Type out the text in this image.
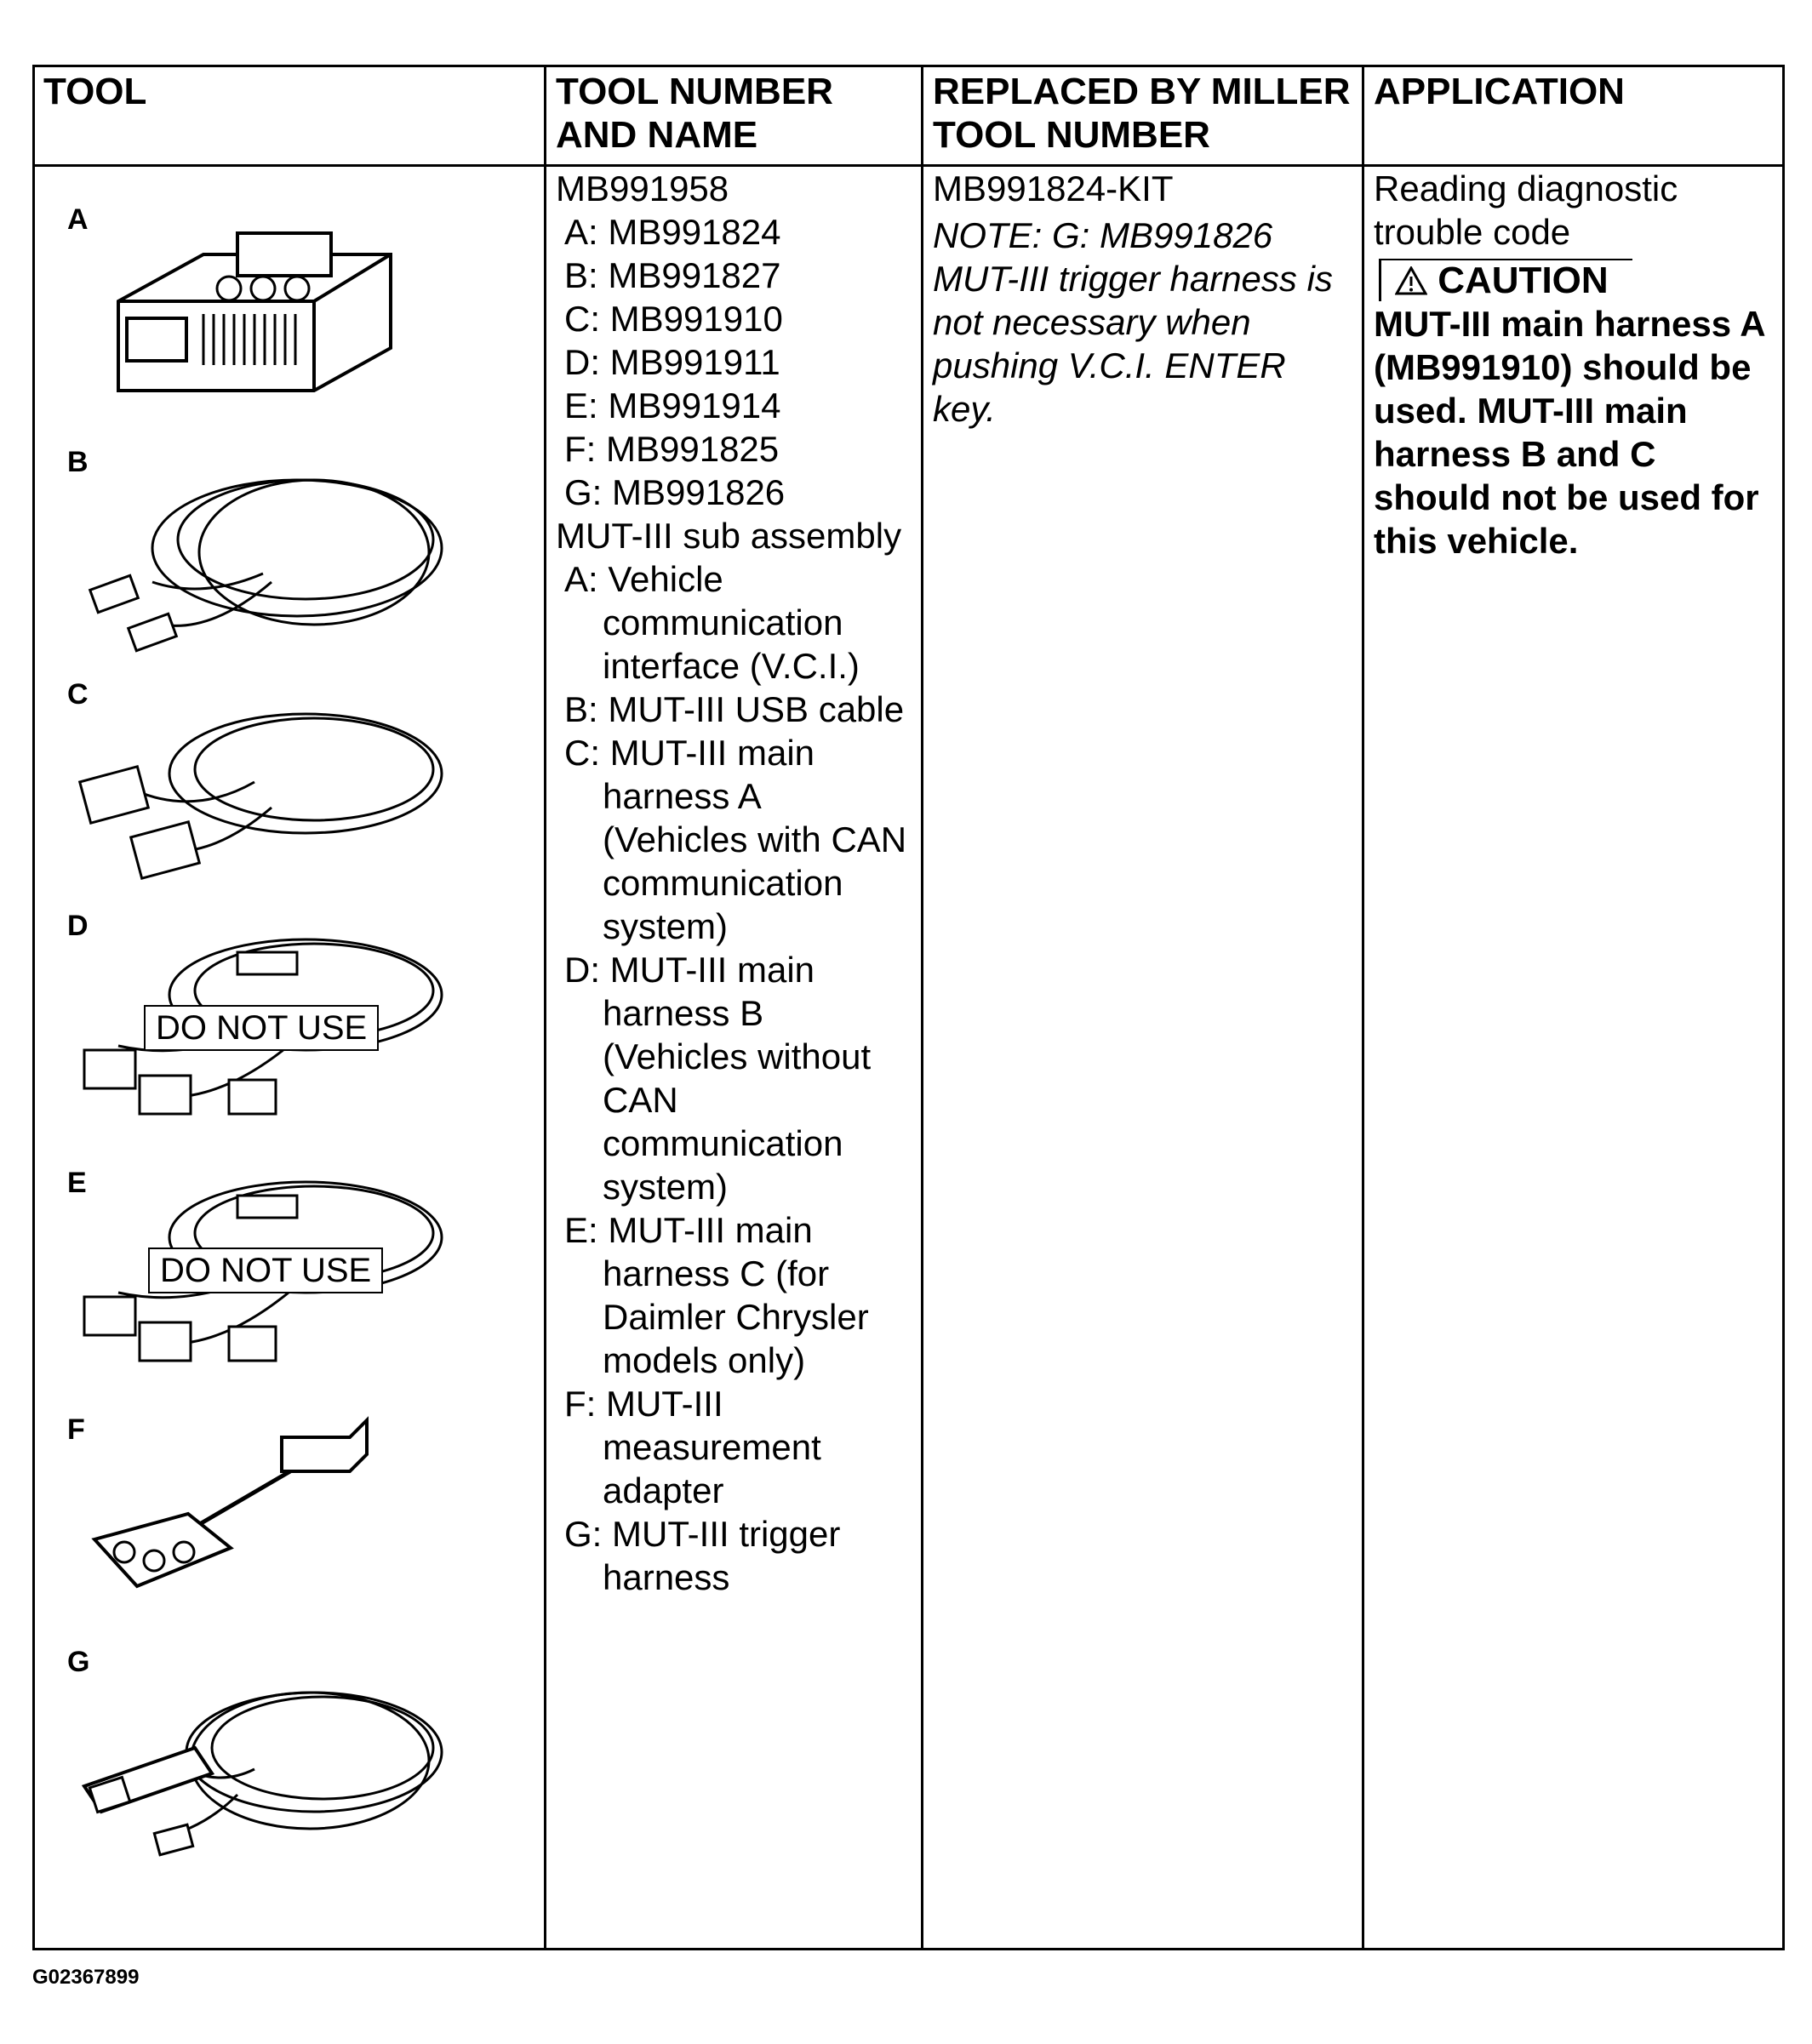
TOOL	TOOL NUMBER
AND NAME
REPLACED BY MILLER
TOOL NUMBER
APPLICATION
A
B
C
D
DO NOT USE
E
DO NOT USE
F
G
MB991958
A: MB991824
B: MB991827
C: MB991910
D: MB991911
E: MB991914
F: MB991825
G: MB991826
MUT-III sub assembly
A: Vehicle
communication
interface (V.C.I.)
B: MUT-III USB cable
C: MUT-III main
harness A
(Vehicles with CAN
communication
system)
D: MUT-III main
harness B
(Vehicles without
CAN
communication
system)
E: MUT-III main
harness C (for
Daimler Chrysler
models only)
F: MUT-III
measurement
adapter
G: MUT-III trigger
harness
MB991824-KIT
NOTE: G: MB991826
MUT-III trigger harness is
not necessary when
pushing V.C.I. ENTER
key.
Reading diagnostic
trouble code
CAUTION
MUT-III main harness A
(MB991910) should be
used. MUT-III main
harness B and C
should not be used for
this vehicle.
G02367899
